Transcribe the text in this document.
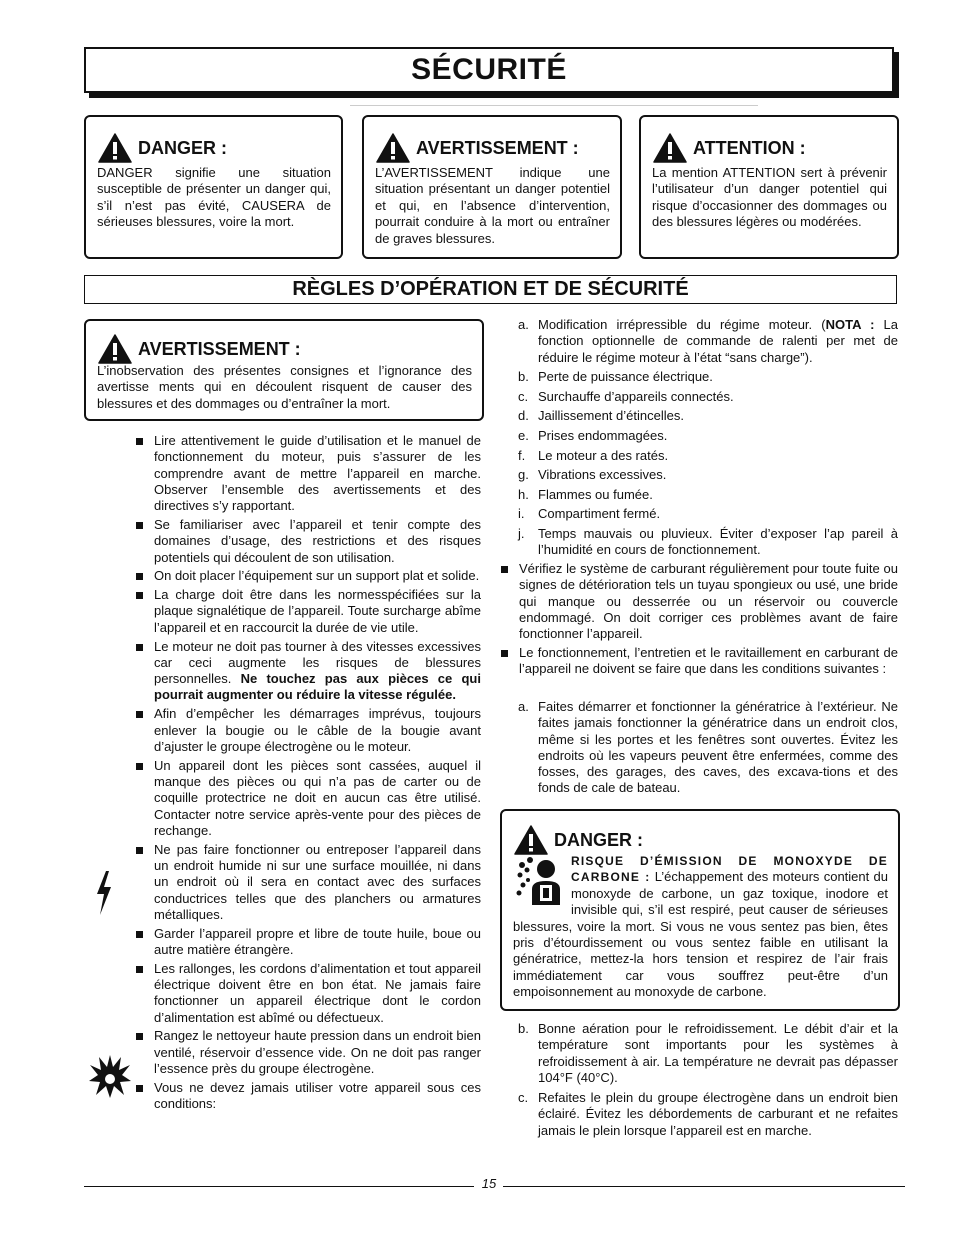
SÉCURITÉ
DANGER :
DANGER signifie une situation susceptible de présenter un danger qui, s’il n’est pas évité, CAUSERA de sérieuses blessures, voire la mort.
AVERTISSEMENT :
L’AVERTISSEMENT indique une situation présentant un danger potentiel et qui, en l’absence d’intervention, pourrait conduire à la mort ou entraîner de graves blessures.
ATTENTION :
La mention ATTENTION sert à prévenir l’utilisateur d’un danger potentiel qui risque d’occasionner des dommages ou des blessures légères ou modérées.
RÈGLES D’OPÉRATION ET DE SÉCURITÉ
AVERTISSEMENT :
L’inobservation des présentes consignes et l’ignorance des avertisse ments qui en découlent risquent de causer des blessures et des dommages ou d’entraîner la mort.
Lire attentivement le guide d’utilisation et le manuel de fonctionnement du moteur, puis s’assurer de les comprendre avant de mettre l’appareil en marche. Observer l’ensemble des avertissements et des directives s’y rapportant.
Se familiariser avec l’appareil et tenir compte des domaines d’usage, des restrictions et des risques potentiels qui découlent de son utilisation.
On doit placer l’équipement sur un support plat et solide.
La charge doit être dans les normesspécifiées sur la plaque signalétique de l’appareil. Toute surcharge abîme l’appareil et en raccourcit la durée de vie utile.
Le moteur ne doit pas tourner à des vitesses excessives car ceci augmente les risques de blessures personnelles. Ne touchez pas aux pièces ce qui pourrait augmenter ou réduire la vitesse régulée.
Afin d’empêcher les démarrages imprévus, toujours enlever la bougie ou le câble de la bougie avant d’ajuster le groupe électrogène ou le moteur.
Un appareil dont les pièces sont cassées, auquel il manque des pièces ou qui n’a pas de carter ou de coquille protectrice ne doit en aucun cas être utilisé. Contacter notre service après-vente pour des pièces de rechange.
Ne pas faire fonctionner ou entreposer l’appareil dans un endroit humide ni sur une surface mouillée, ni dans un endroit où il sera en contact avec des surfaces conductrices telles que des planchers ou armatures métalliques.
Garder l’appareil propre et libre de toute huile, boue ou autre matière étrangère.
Les rallonges, les cordons d’alimentation et tout appareil électrique doivent être en bon état. Ne jamais faire fonctionner un appareil électrique dont le cordon d’alimentation est abîmé ou défectueux.
Rangez le nettoyeur haute pression dans un endroit bien ventilé, réservoir d’essence vide. On ne doit pas ranger l’essence près du groupe électrogène.
Vous ne devez jamais utiliser votre appareil sous ces conditions:
a. Modification irrépressible du régime moteur. (NOTA : La fonction optionnelle de commande de ralenti per met de réduire le régime moteur à l’état “sans charge”).
b. Perte de puissance électrique.
c. Surchauffe d’appareils connectés.
d. Jaillissement d’étincelles.
e. Prises endommagées.
f. Le moteur a des ratés.
g. Vibrations excessives.
h. Flammes ou fumée.
i. Compartiment fermé.
j. Temps mauvais ou pluvieux. Éviter d’exposer l’ap pareil à l’humidité en cours de fonctionnement.
Vérifiez le système de carburant régulièrement pour toute fuite ou signes de détérioration tels un tuyau spongieux ou usé, une bride qui manque ou desserrée ou un réservoir ou couvercle endommagé. On doit corriger ces problèmes avant de faire fonctionner l’appareil.
Le fonctionnement, l’entretien et le ravitaillement en carburant de l’appareil ne doivent se faire que dans les conditions suivantes :
a. Faites démarrer et fonctionner la génératrice à l’extérieur. Ne faites jamais fonctionner la génératrice dans un endroit clos, même si les portes et les fenêtres sont ouvertes. Évitez les endroits où les vapeurs peuvent être enfermées, comme des fosses, des garages, des caves, des excava-tions et des fonds de cale de bateau.
DANGER :
RISQUE D’ÉMISSION DE MONOXYDE DE CARBONE : L’échappement des moteurs contient du monoxyde de carbone, un gaz toxique, inodore et invisible qui, s’il est respiré, peut causer de sérieuses blessures, voire la mort. Si vous ne vous sentez pas bien, êtes pris d’étourdissement ou vous sentez faible en utilisant la génératrice, mettez-la hors tension et respirez de l’air frais immédiatement car vous souffrez peut-être d’un empoisonnement au monoxyde de carbone.
b. Bonne aération pour le refroidissement. Le débit d’air et la température sont importants pour les systèmes à refroidissement à air. La température ne devrait pas dépasser 104°F (40°C).
c. Refaites le plein du groupe électrogène dans un endroit bien éclairé. Évitez les débordements de carburant et ne refaites jamais le plein lorsque l’appareil est en marche.
15
